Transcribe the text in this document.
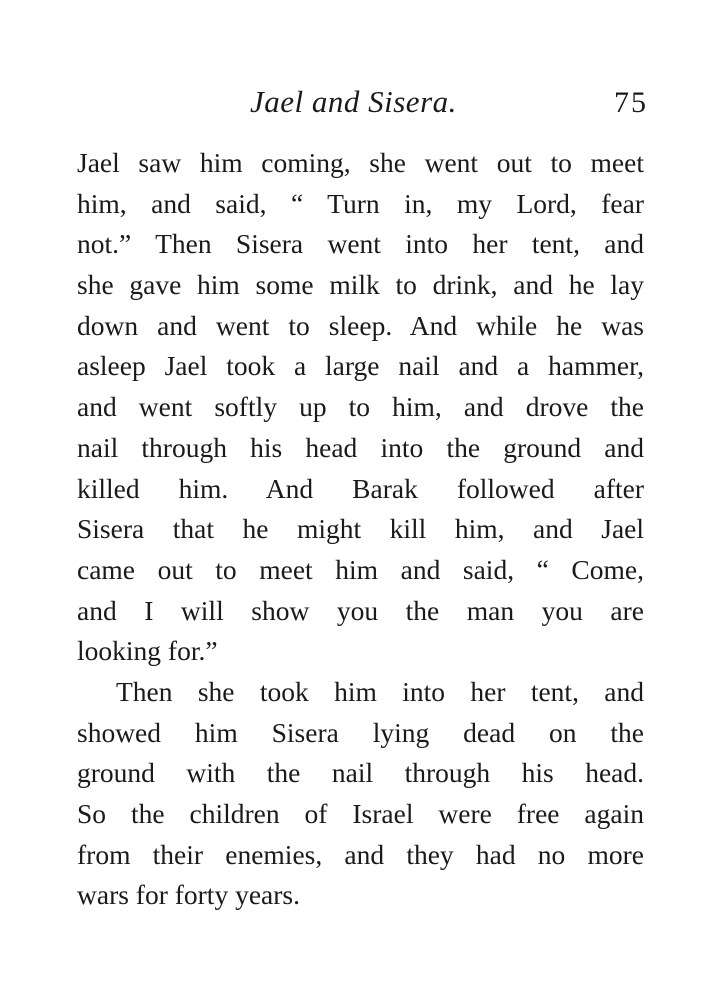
Jael and Sisera.	75
Jael saw him coming, she went out to meet
him, and said, “ Turn in, my Lord, fear
not.” Then Sisera went into her tent, and
she gave him some milk to drink, and he lay
down and went to sleep. And while he was
asleep Jael took a large nail and a hammer,
and went softly up to him, and drove the
nail through his head into the ground and
killed him. And Barak followed after
Sisera that he might kill him, and Jael
came out to meet him and said, “ Come,
and I will show you the man you are
looking for.”
Then she took him into her tent, and
showed him Sisera lying dead on the
ground with the nail through his head.
So the children of Israel were free again
from their enemies, and they had no more
wars for forty years.
